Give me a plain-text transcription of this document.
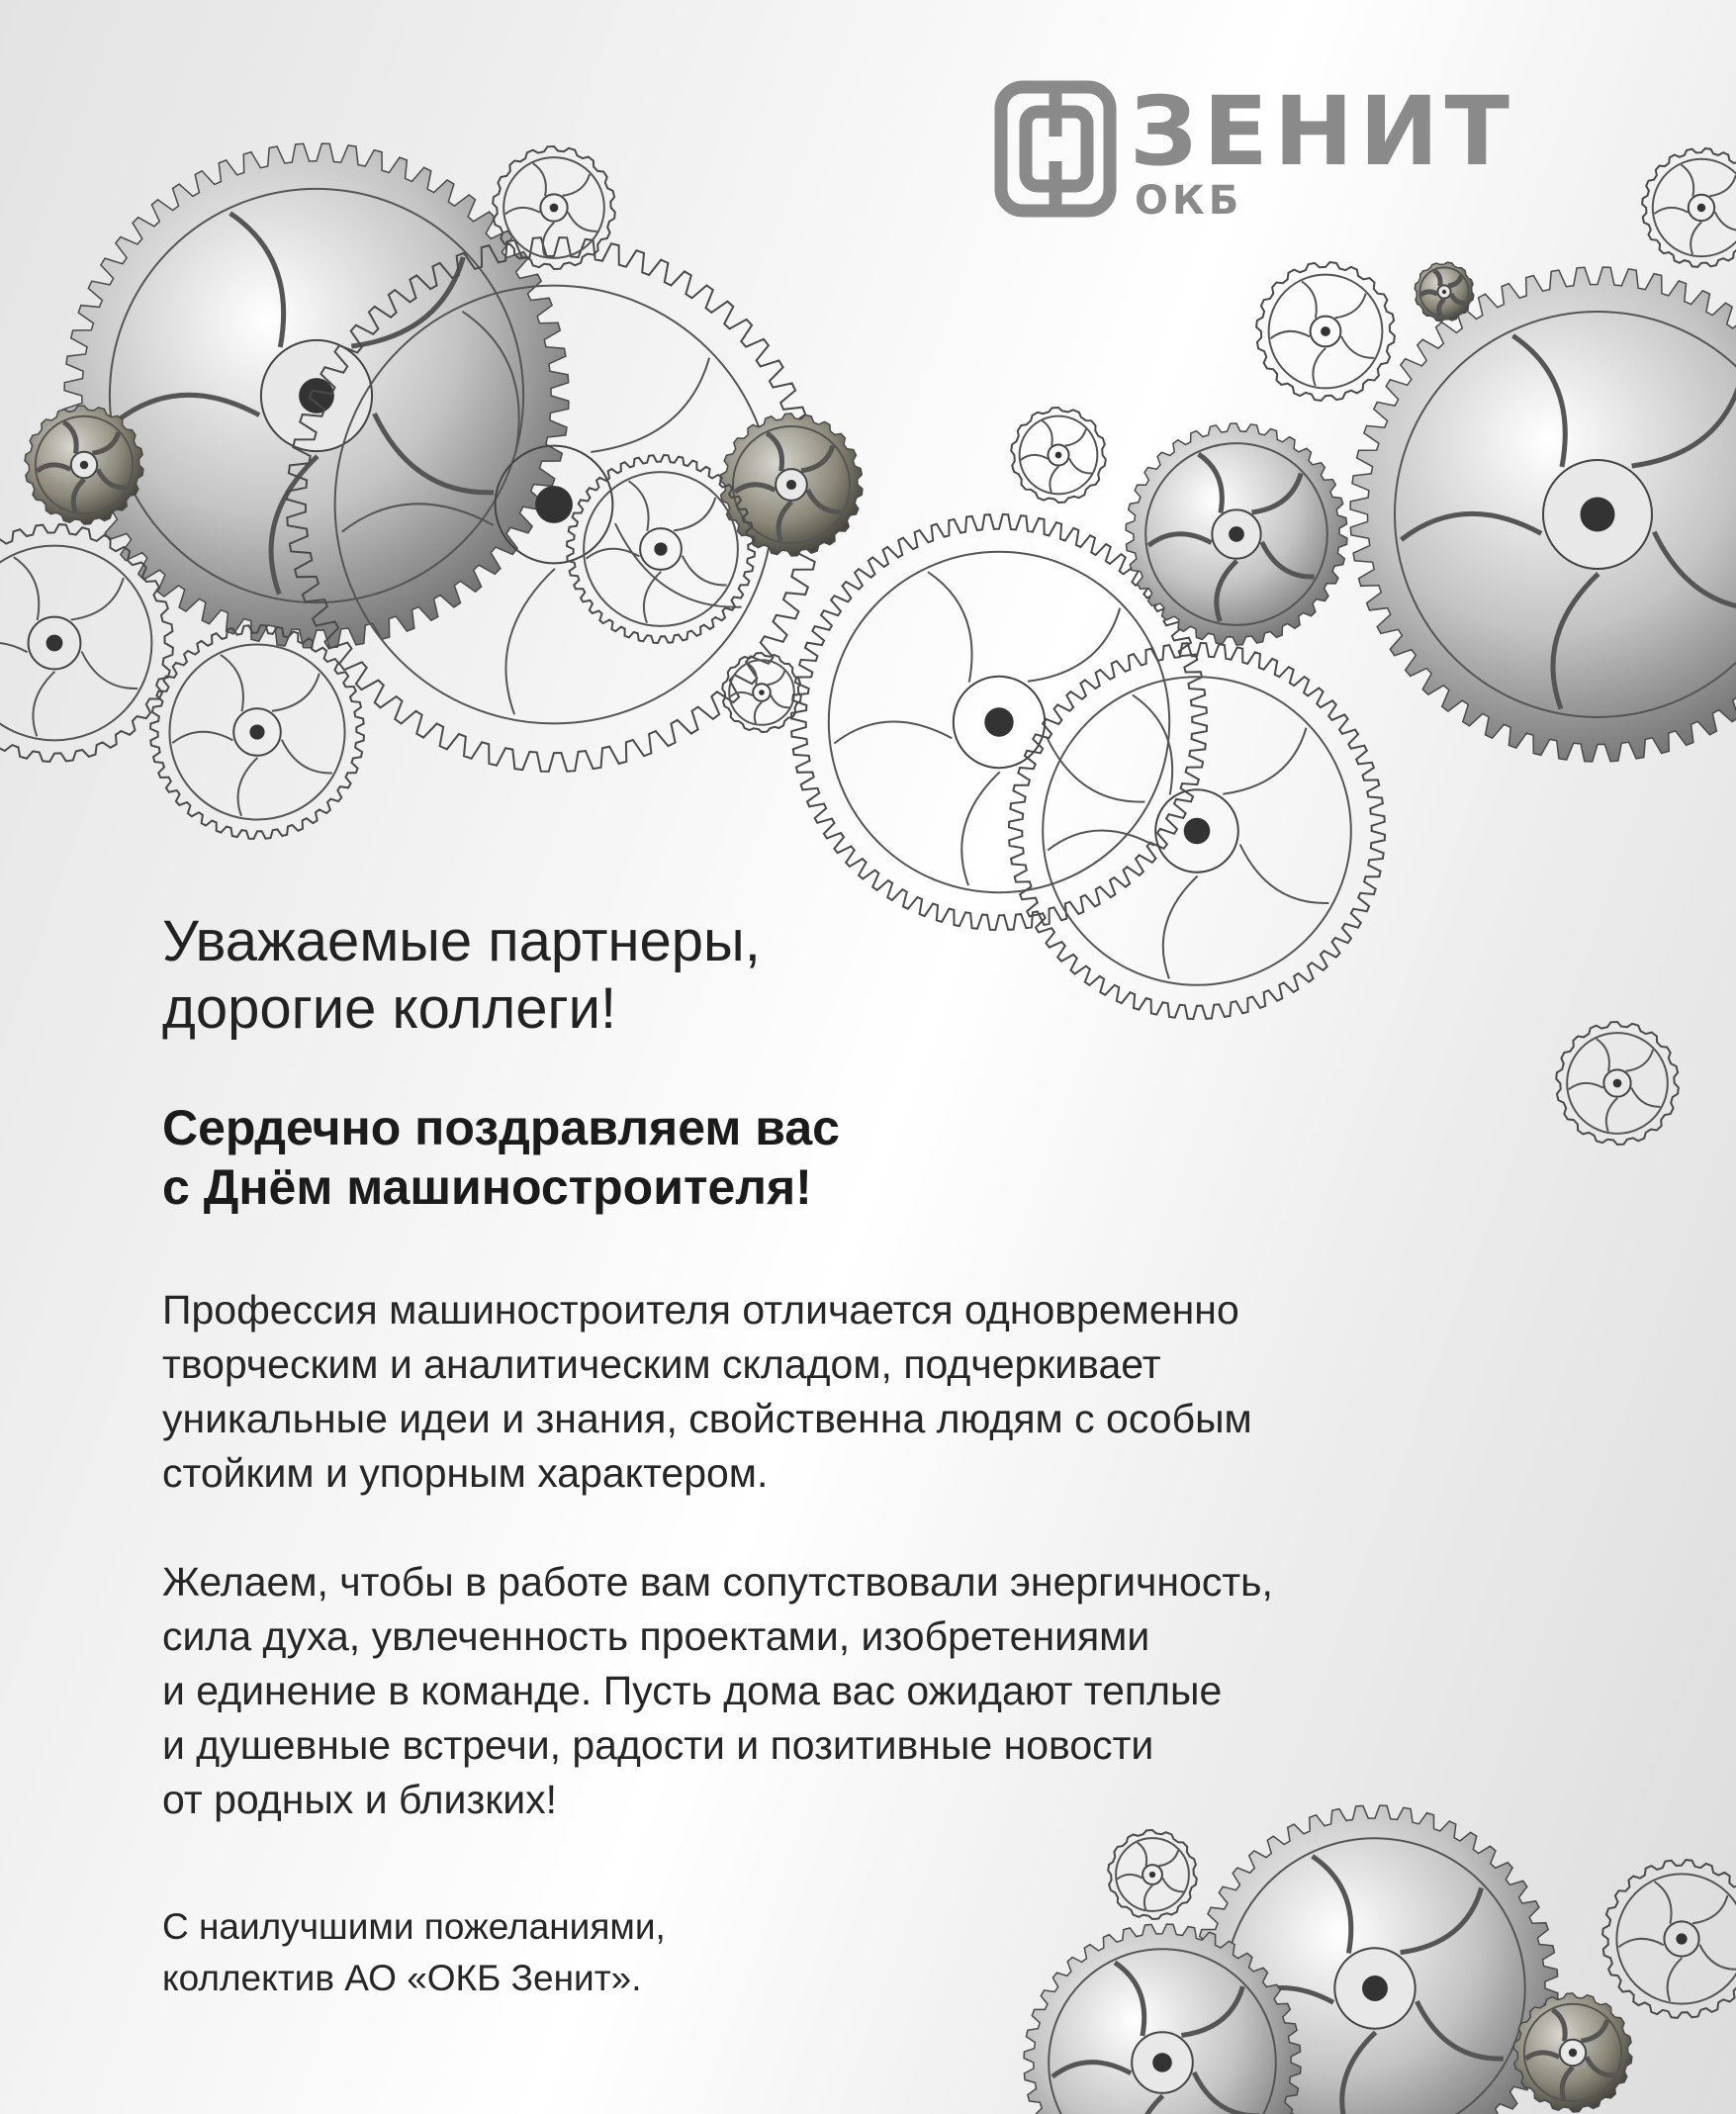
ЗЕНИТ
ОКБ
Уважаемые партнеры,
дорогие коллеги!
Сердечно поздравляем вас
с Днём машиностроителя!
Профессия машиностроителя отличается одновременно
творческим и аналитическим складом, подчеркивает
уникальные идеи и знания, свойственна людям с особым
стойким и упорным характером.
Желаем, чтобы в работе вам сопутствовали энергичность,
сила духа, увлеченность проектами, изобретениями
и единение в команде. Пусть дома вас ожидают теплые
и душевные встречи, радости и позитивные новости
от родных и близких!
С наилучшими пожеланиями,
коллектив АО «ОКБ Зенит».
